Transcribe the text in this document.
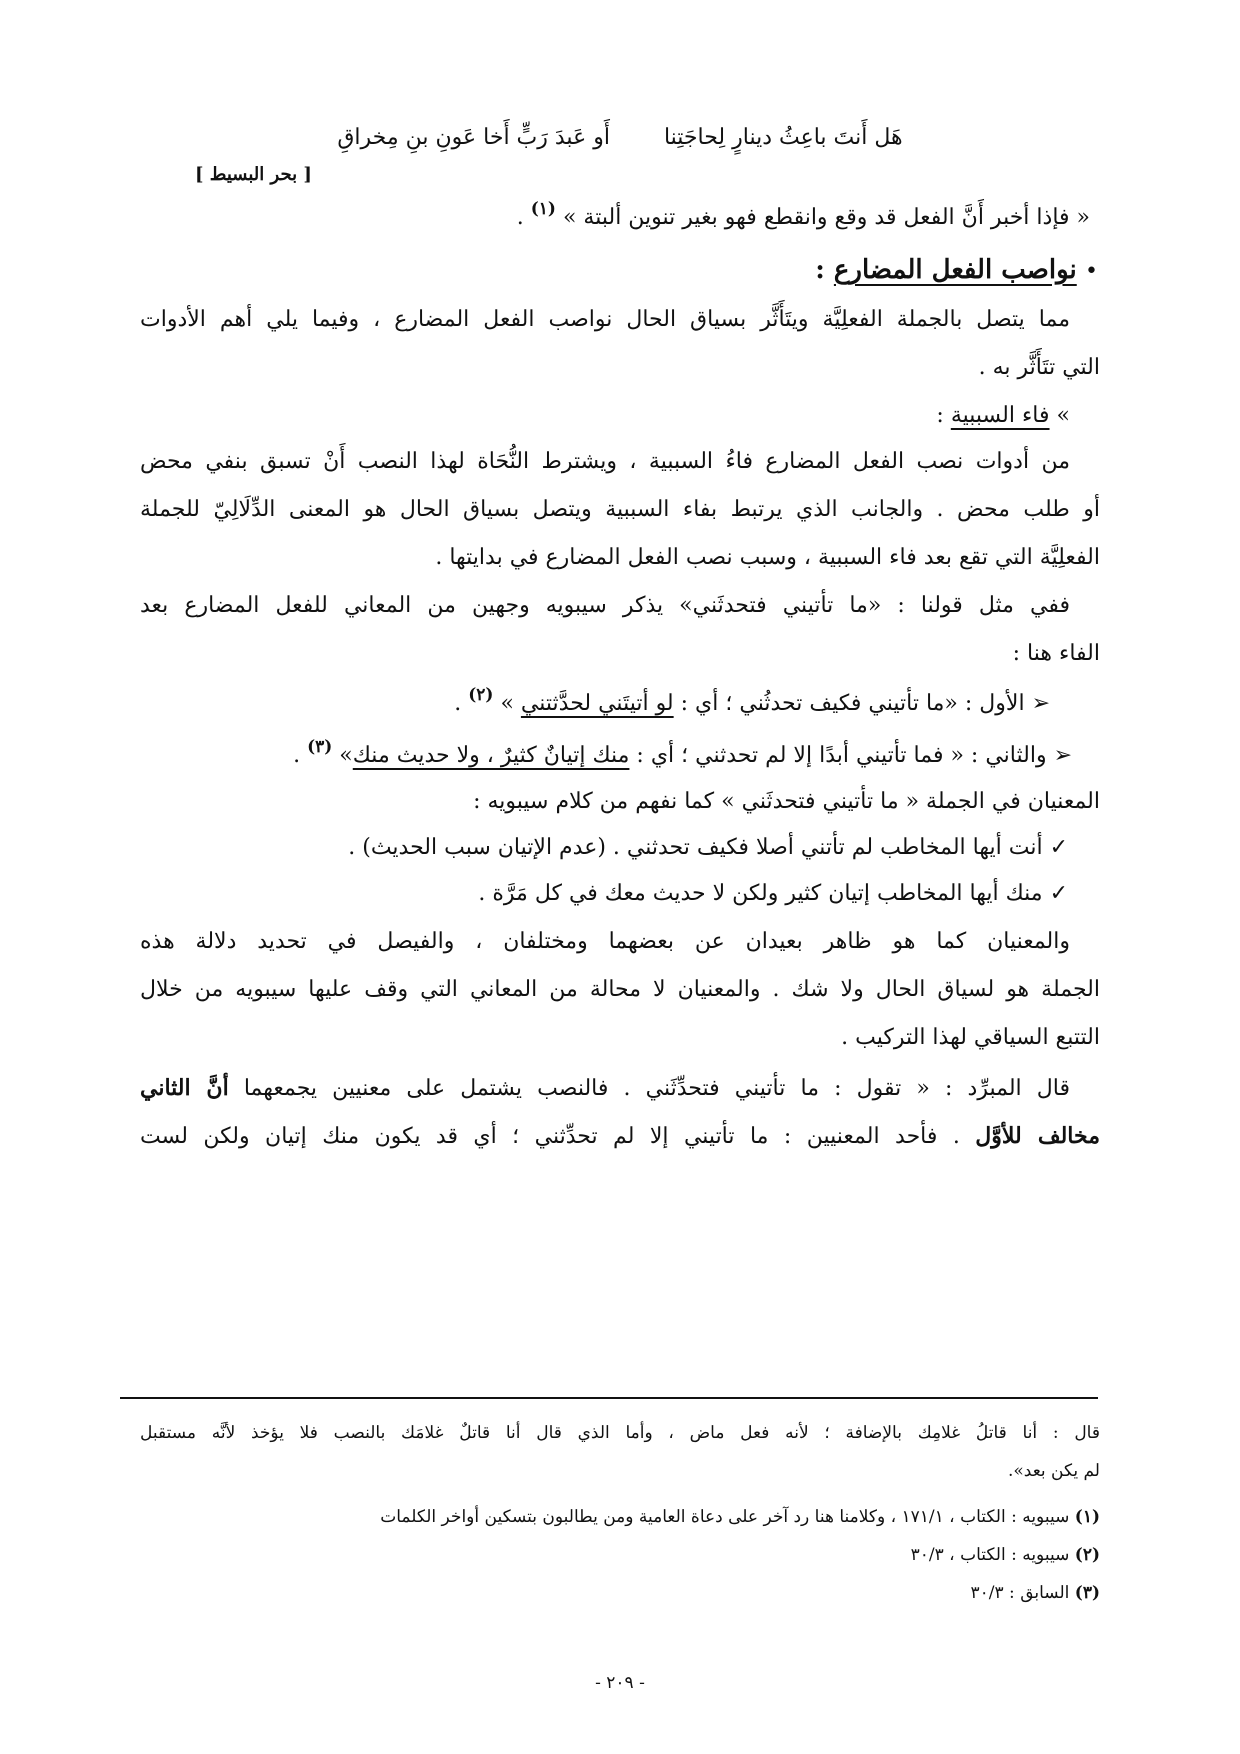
هَل أَنتَ باعِثُ دينارٍ لِحاجَتِنا  أَو عَبدَ رَبٍّ أَخا عَونِ بنِ مِخراقِ
[ بحر البسيط ]
« فإذا أخبر أَنَّ الفعل قد وقع وانقطع فهو بغير تنوين ألبتة » $^{(١)}$ .
• نواصب الفعل المضارع :
مما يتصل بالجملة الفعلِيَّة ويتَأَثَّر بسياق الحال نواصب الفعل المضارع ، وفيما يلي أهم الأدوات
التي تتَأَثَّر به .
» فاء السببية :
من أدوات نصب الفعل المضارع فاءُ السببية ، ويشترط النُّحَاة لهذا النصب أَنْ تسبق بنفي محض
أو طلب محض . والجانب الذي يرتبط بفاء السببية ويتصل بسياق الحال هو المعنى الدِّلَالِيّ للجملة
الفعلِيَّة التي تقع بعد فاء السببية ، وسبب نصب الفعل المضارع في بدايتها .
ففي مثل قولنا : «ما تأتيني فتحدثَني» يذكر سيبويه وجهين من المعاني للفعل المضارع بعد
الفاء هنا :
➢ الأول : «ما تأتيني فكيف تحدثُني ؛ أي : لو أتيتَني لحدَّثتني » $^{(٢)}$ .
➢ والثاني : « فما تأتيني أبدًا إلا لم تحدثني ؛ أي : منك إتيانٌ كثيرٌ ، ولا حديث منك» $^{(٣)}$ .
المعنيان في الجملة « ما تأتيني فتحدثَني » كما نفهم من كلام سيبويه :
✓ أنت أيها المخاطب لم تأتني أصلا فكيف تحدثني . (عدم الإتيان سبب الحديث) .
✓ منك أيها المخاطب إتيان كثير ولكن لا حديث معك في كل مَرَّة .
والمعنيان كما هو ظاهر بعيدان عن بعضهما ومختلفان ، والفيصل في تحديد دلالة هذه
الجملة هو لسياق الحال ولا شك . والمعنيان لا محالة من المعاني التي وقف عليها سيبويه من خلال
التتبع السياقي لهذا التركيب .
قال المبرِّد : « تقول : ما تأتيني فتحدِّثَني . فالنصب يشتمل على معنيين يجمعهما أنَّ الثاني
مخالف للأوَّل . فأحد المعنيين : ما تأتيني إلا لم تحدِّثني ؛ أي قد يكون منك إتيان ولكن لست
قال : أنا قاتلُ غلامِك بالإضافة ؛ لأنه فعل ماض ، وأما الذي قال أنا قاتلٌ غلامَك بالنصب فلا يؤخذ لأنَّه مستقبل
لم يكن بعد».
(١) سيبويه : الكتاب ، ١٧١/١ ، وكلامنا هنا رد آخر على دعاة العامية ومن يطالبون بتسكين أواخر الكلمات
(٢) سيبويه : الكتاب ، ٣٠/٣
(٣) السابق : ٣٠/٣
- ٢٠٩ -
